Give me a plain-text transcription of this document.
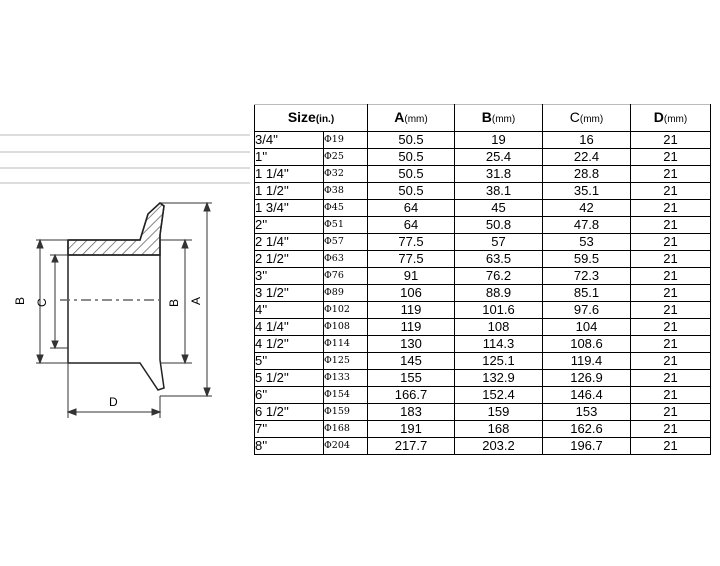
B C	B A
D
Size(in.)		A(mm)	B(mm)	C(mm)	D(mm)
3/4''	Φ19	50.5	19	16	21
1''	Φ25	50.5	25.4	22.4	21
1 1/4''	Φ32	50.5	31.8	28.8	21
1 1/2''	Φ38	50.5	38.1	35.1	21
1 3/4''	Φ45	64	45	42	21
2''	Φ51	64	50.8	47.8	21
2 1/4''	Φ57	77.5	57	53	21
2 1/2''	Φ63	77.5	63.5	59.5	21
3''	Φ76	91	76.2	72.3	21
3 1/2''	Φ89	106	88.9	85.1	21
4''	Φ102	119	101.6	97.6	21
4 1/4''	Φ108	119	108	104	21
4 1/2''	Φ114	130	114.3	108.6	21
5''	Φ125	145	125.1	119.4	21
5 1/2''	Φ133	155	132.9	126.9	21
6''	Φ154	166.7	152.4	146.4	21
6 1/2''	Φ159	183	159	153	21
7''	Φ168	191	168	162.6	21
8''	Φ204	217.7	203.2	196.7	21
